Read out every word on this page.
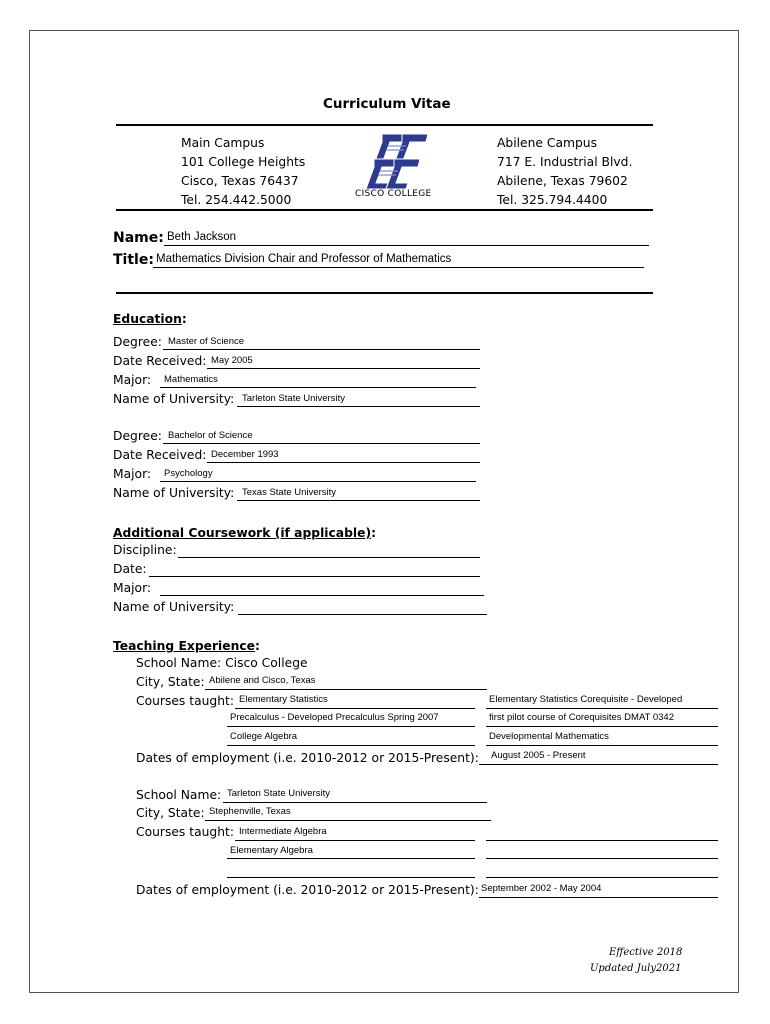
Curriculum Vitae
Main Campus
101 College Heights
Cisco, Texas 76437
Tel. 254.442.5000	CISCO COLLEGE
Abilene Campus
717 E. Industrial Blvd.
Abilene, Texas 79602
Tel. 325.794.4400
Name: Beth Jackson
Title: Mathematics Division Chair and Professor of Mathematics
Education:
Degree: Master of Science
Date Received: May 2005
Major: Mathematics
Name of University: Tarleton State University
Degree: Bachelor of Science
Date Received: December 1993
Major: Psychology
Name of University: Texas State University
Additional Coursework (if applicable):
Discipline:
Date:
Major:
Name of University:
Teaching Experience:
School Name: Cisco College
City, State: Abilene and Cisco, Texas
Courses taught: Elementary Statistics	Elementary Statistics Corequisite - Developed
Precalculus - Developed Precalculus Spring 2007	first pilot course of Corequisites DMAT 0342
College Algebra	Developmental Mathematics
Dates of employment (i.e. 2010-2012 or 2015-Present): August 2005 - Present
School Name: Tarleton State University
City, State: Stephenville, Texas
Courses taught: Intermediate Algebra
Elementary Algebra
Dates of employment (i.e. 2010-2012 or 2015-Present): September 2002 - May 2004
Effective 2018
Updated July2021
